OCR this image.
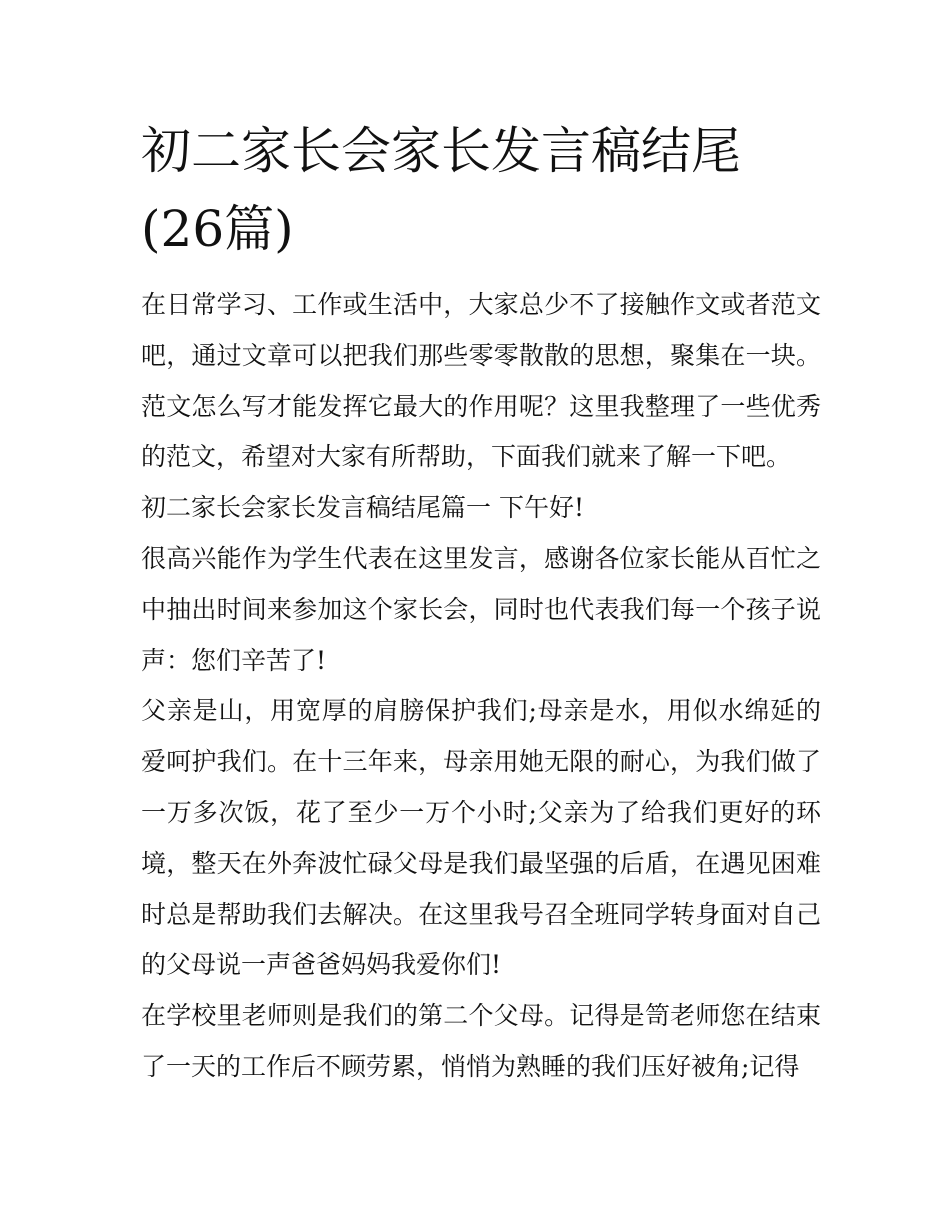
初二家长会家长发言稿结尾(26篇)

在日常学习、工作或生活中，大家总少不了接触作文或者范文吧，通过文章可以把我们那些零零散散的思想，聚集在一块。范文怎么写才能发挥它最大的作用呢？这里我整理了一些优秀的范文，希望对大家有所帮助，下面我们就来了解一下吧。

初二家长会家长发言稿结尾篇一 下午好!

很高兴能作为学生代表在这里发言，感谢各位家长能从百忙之中抽出时间来参加这个家长会，同时也代表我们每一个孩子说声：您们辛苦了!

父亲是山，用宽厚的肩膀保护我们;母亲是水，用似水绵延的爱呵护我们。在十三年来，母亲用她无限的耐心，为我们做了一万多次饭，花了至少一万个小时;父亲为了给我们更好的环境，整天在外奔波忙碌父母是我们最坚强的后盾，在遇见困难时总是帮助我们去解决。在这里我号召全班同学转身面对自己的父母说一声爸爸妈妈我爱你们!

在学校里老师则是我们的第二个父母。记得是笥老师您在结束了一天的工作后不顾劳累，悄悄为熟睡的我们压好被角;记得
